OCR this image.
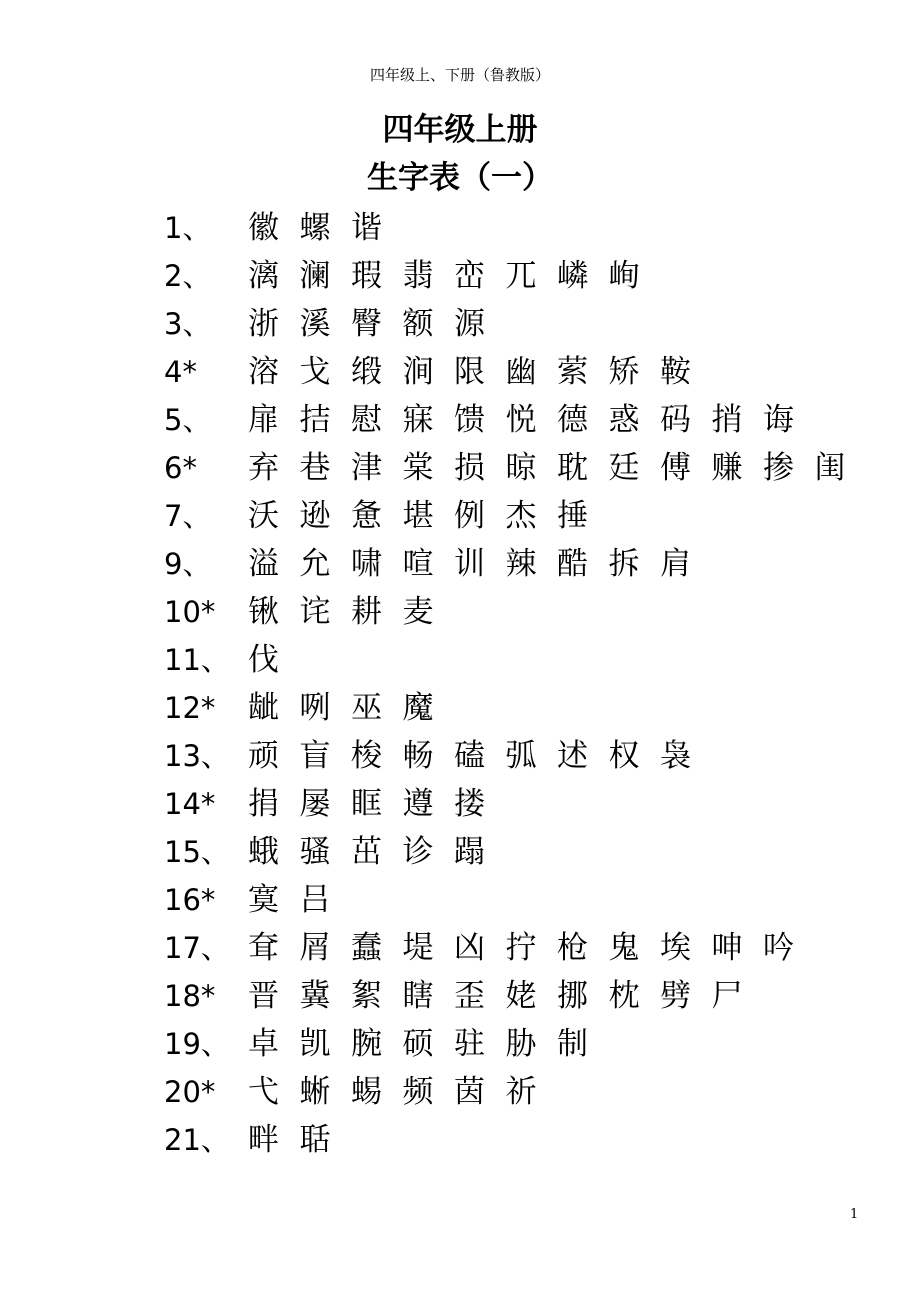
四年级上、下册（鲁教版）
四年级上册
生字表（一）
1、	徽螺谐
2、	漓澜瑕翡峦兀嶙峋
3、	浙溪臀额源
4*	溶戈缎涧限幽萦矫鞍
5、	扉拮慰寐馈悦德惑码捎诲
6*	弃巷津棠损晾耽廷傅赚掺闺
7、	沃逊惫堪例杰捶
9、	溢允啸喧训辣酷拆肩
10*	锹诧耕麦
11、 伐
12*	龇咧巫魔
13、 顽盲梭畅磕弧述权袅
14*	捐屡眶遵搂
15、 蛾骚茁诊蹋
16*	寞吕
17、 耷屑蠢堤凶拧枪鬼埃呻吟
18*	晋冀絮瞎歪姥挪枕劈尸
19、 卓凯腕硕驻胁制
20*	弋蜥蜴频茵祈
21、 畔聒
1
